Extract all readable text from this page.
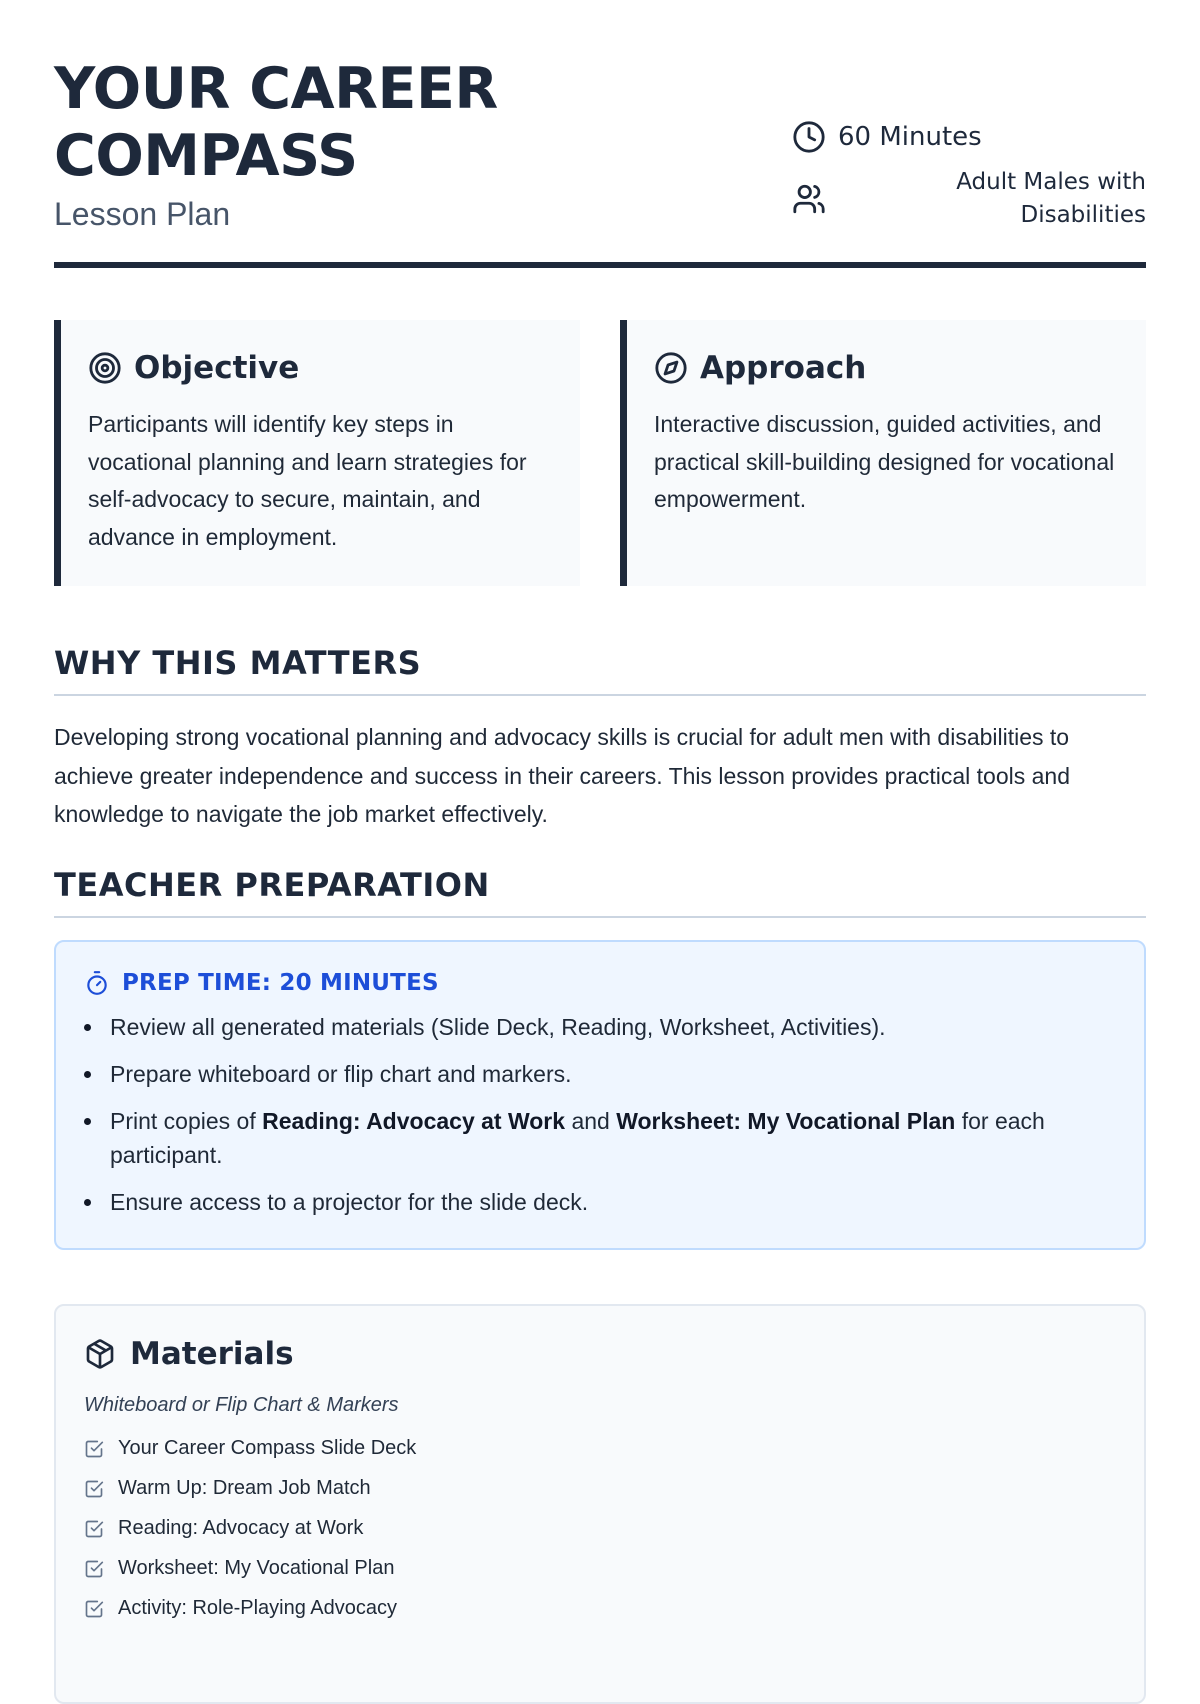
YOUR CAREER
COMPASS
Lesson Plan
60 Minutes
Adult Males with Disabilities
Objective

Participants will identify key steps in vocational planning and learn strategies for self-advocacy to secure, maintain, and advance in employment.

Approach

Interactive discussion, guided activities, and practical skill-building designed for vocational empowerment.

WHY THIS MATTERS

Developing strong vocational planning and advocacy skills is crucial for adult men with disabilities to achieve greater independence and success in their careers. This lesson provides practical tools and knowledge to navigate the job market effectively.

TEACHER PREPARATION
PREP TIME: 20 MINUTES
Review all generated materials (Slide Deck, Reading, Worksheet, Activities).
Prepare whiteboard or flip chart and markers.
Print copies of Reading: Advocacy at Work and Worksheet: My Vocational Plan for each participant.
Ensure access to a projector for the slide deck.
Materials

Whiteboard or Flip Chart & Markers

Your Career Compass Slide Deck
Warm Up: Dream Job Match
Reading: Advocacy at Work
Worksheet: My Vocational Plan
Activity: Role-Playing Advocacy
